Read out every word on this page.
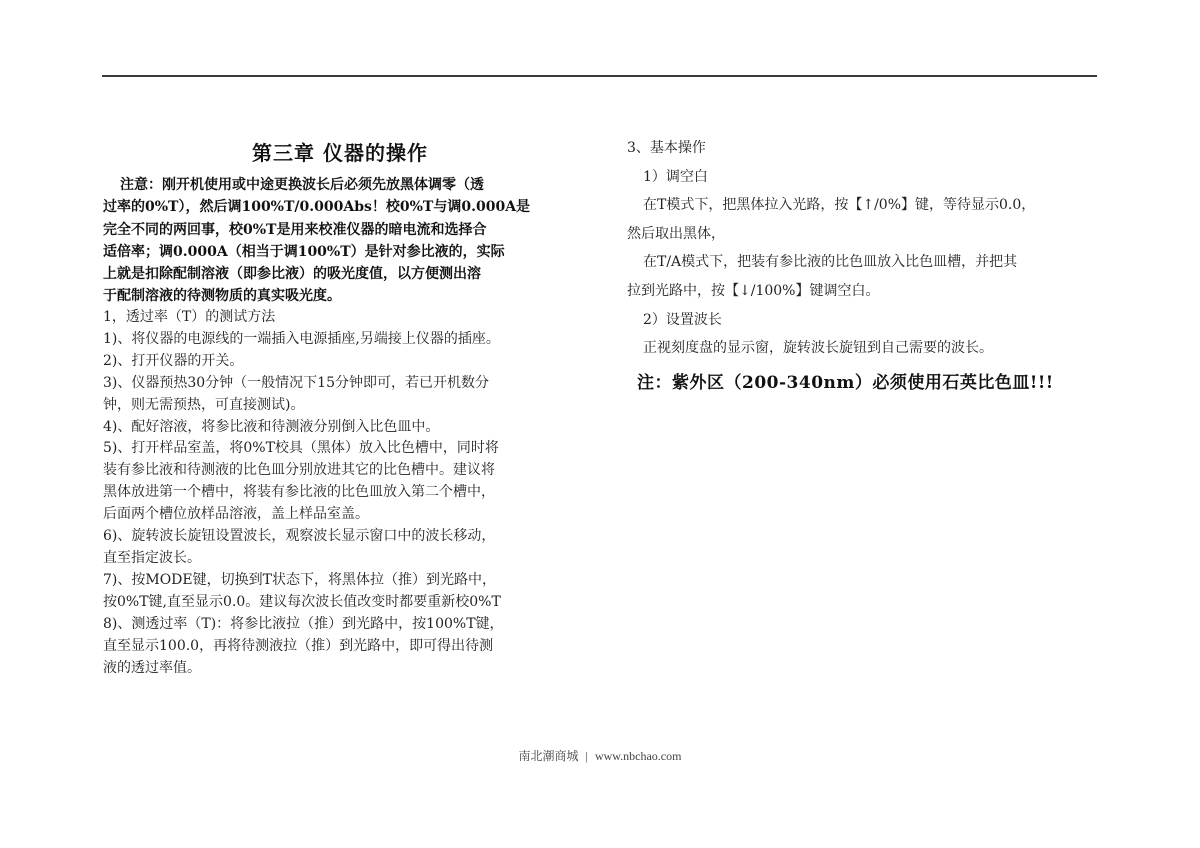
第三章 仪器的操作
注意：刚开机使用或中途更换波长后必须先放黑体调零（透
过率的0%T），然后调100%T/0.000Abs！校0%T与调0.000A是
完全不同的两回事，校0%T是用来校准仪器的暗电流和选择合
适倍率；调0.000A（相当于调100%T）是针对参比液的，实际
上就是扣除配制溶液（即参比液）的吸光度值，以方便测出溶
于配制溶液的待测物质的真实吸光度。
1，透过率（T）的测试方法
1)、将仪器的电源线的一端插入电源插座,另端接上仪器的插座。
2)、打开仪器的开关。
3)、仪器预热30分钟（一般情况下15分钟即可，若已开机数分
钟，则无需预热，可直接测试)。
4)、配好溶液，将参比液和待测液分别倒入比色皿中。
5)、打开样品室盖，将0%T校具（黑体）放入比色槽中，同时将
装有参比液和待测液的比色皿分别放进其它的比色槽中。建议将
黑体放进第一个槽中，将装有参比液的比色皿放入第二个槽中，
后面两个槽位放样品溶液，盖上样品室盖。
6)、旋转波长旋钮设置波长，观察波长显示窗口中的波长移动，
直至指定波长。
7)、按MODE键，切换到T状态下，将黑体拉（推）到光路中，
按0%T键,直至显示0.0。建议每次波长值改变时都要重新校0%T
8)、测透过率（T)：将参比液拉（推）到光路中，按100%T键，
直至显示100.0，再将待测液拉（推）到光路中，即可得出待测
液的透过率值。
3、基本操作
1）调空白
在T模式下，把黑体拉入光路，按【↑/0%】键，等待显示0.0，
然后取出黑体，
在T/A模式下，把装有参比液的比色皿放入比色皿槽，并把其
拉到光路中，按【↓/100%】键调空白。
2）设置波长
正视刻度盘的显示窗，旋转波长旋钮到自己需要的波长。
注：紫外区（200-340nm）必须使用石英比色皿!!!
南北潮商城 | www.nbchao.com
